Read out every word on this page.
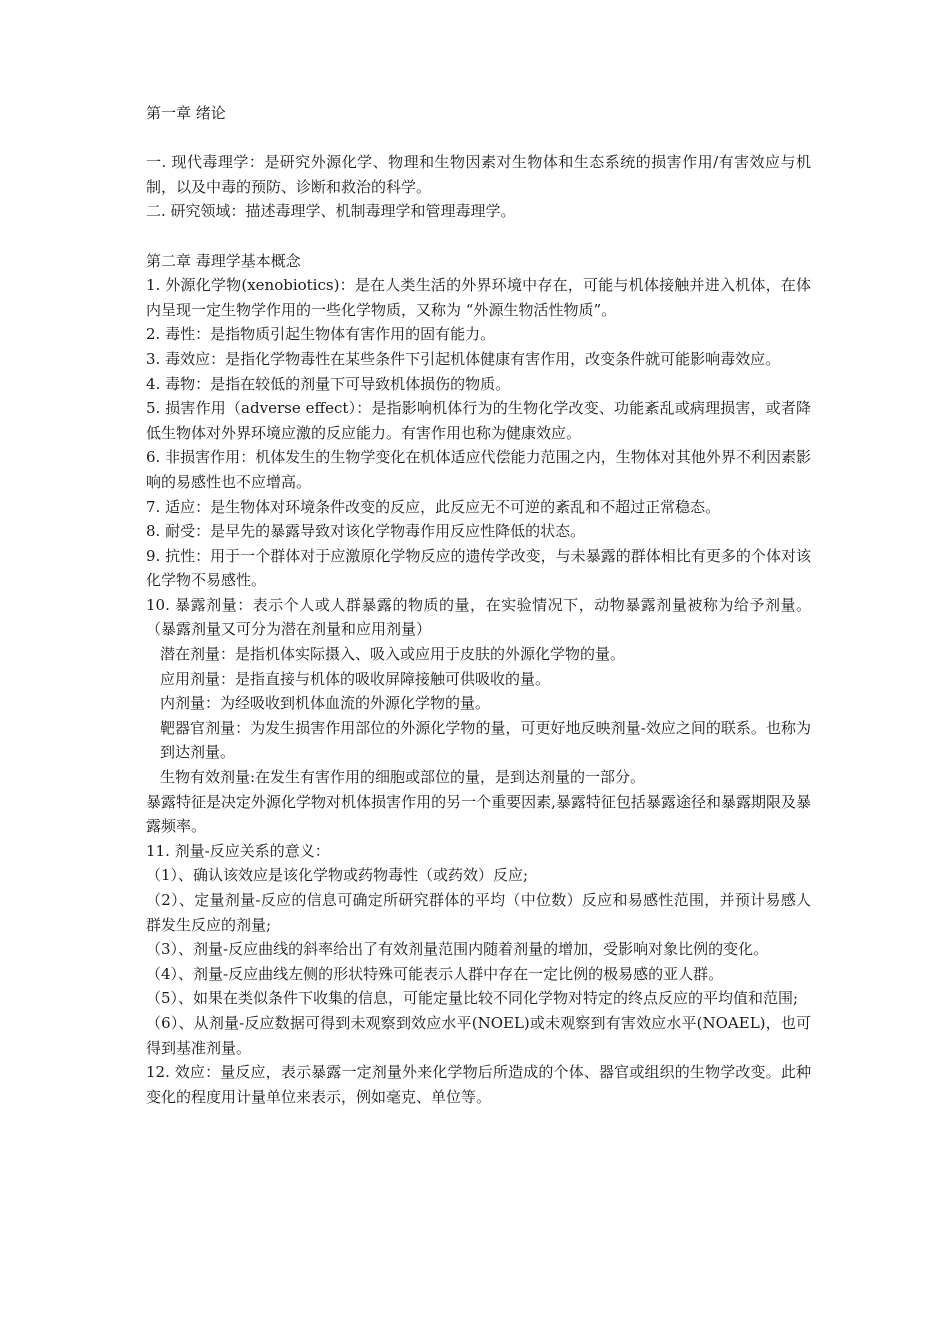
第一章 绪论

一. 现代毒理学：是研究外源化学、物理和生物因素对生物体和生态系统的损害作用/有害效应与机制，以及中毒的预防、诊断和救治的科学。

二. 研究领域：描述毒理学、机制毒理学和管理毒理学。

第二章 毒理学基本概念

1. 外源化学物(xenobiotics)：是在人类生活的外界环境中存在，可能与机体接触并进入机体，在体内呈现一定生物学作用的一些化学物质，又称为 “外源生物活性物质”。

2. 毒性：是指物质引起生物体有害作用的固有能力。

3. 毒效应：是指化学物毒性在某些条件下引起机体健康有害作用，改变条件就可能影响毒效应。

4. 毒物：是指在较低的剂量下可导致机体损伤的物质。

5. 损害作用（adverse effect）：是指影响机体行为的生物化学改变、功能紊乱或病理损害，或者降低生物体对外界环境应激的反应能力。有害作用也称为健康效应。

6. 非损害作用：机体发生的生物学变化在机体适应代偿能力范围之内，生物体对其他外界不利因素影响的易感性也不应增高。

7. 适应：是生物体对环境条件改变的反应，此反应无不可逆的紊乱和不超过正常稳态。

8. 耐受：是早先的暴露导致对该化学物毒作用反应性降低的状态。

9. 抗性：用于一个群体对于应激原化学物反应的遗传学改变，与未暴露的群体相比有更多的个体对该化学物不易感性。

10. 暴露剂量：表示个人或人群暴露的物质的量，在实验情况下，动物暴露剂量被称为给予剂量。 （暴露剂量又可分为潜在剂量和应用剂量）

潜在剂量：是指机体实际摄入、吸入或应用于皮肤的外源化学物的量。

应用剂量：是指直接与机体的吸收屏障接触可供吸收的量。

内剂量：为经吸收到机体血流的外源化学物的量。

靶器官剂量：为发生损害作用部位的外源化学物的量，可更好地反映剂量-效应之间的联系。也称为到达剂量。

生物有效剂量:在发生有害作用的细胞或部位的量，是到达剂量的一部分。

暴露特征是决定外源化学物对机体损害作用的另一个重要因素,暴露特征包括暴露途径和暴露期限及暴露频率。

11. 剂量-反应关系的意义：

（1）、确认该效应是该化学物或药物毒性（或药效）反应;

（2）、定量剂量-反应的信息可确定所研究群体的平均（中位数）反应和易感性范围，并预计易感人群发生反应的剂量;

（3）、剂量-反应曲线的斜率给出了有效剂量范围内随着剂量的增加，受影响对象比例的变化。

（4）、剂量-反应曲线左侧的形状特殊可能表示人群中存在一定比例的极易感的亚人群。

（5）、如果在类似条件下收集的信息，可能定量比较不同化学物对特定的终点反应的平均值和范围;

（6）、从剂量-反应数据可得到未观察到效应水平(NOEL)或未观察到有害效应水平(NOAEL)，也可得到基准剂量。

12. 效应：量反应，表示暴露一定剂量外来化学物后所造成的个体、器官或组织的生物学改变。此种变化的程度用计量单位来表示，例如毫克、单位等。
